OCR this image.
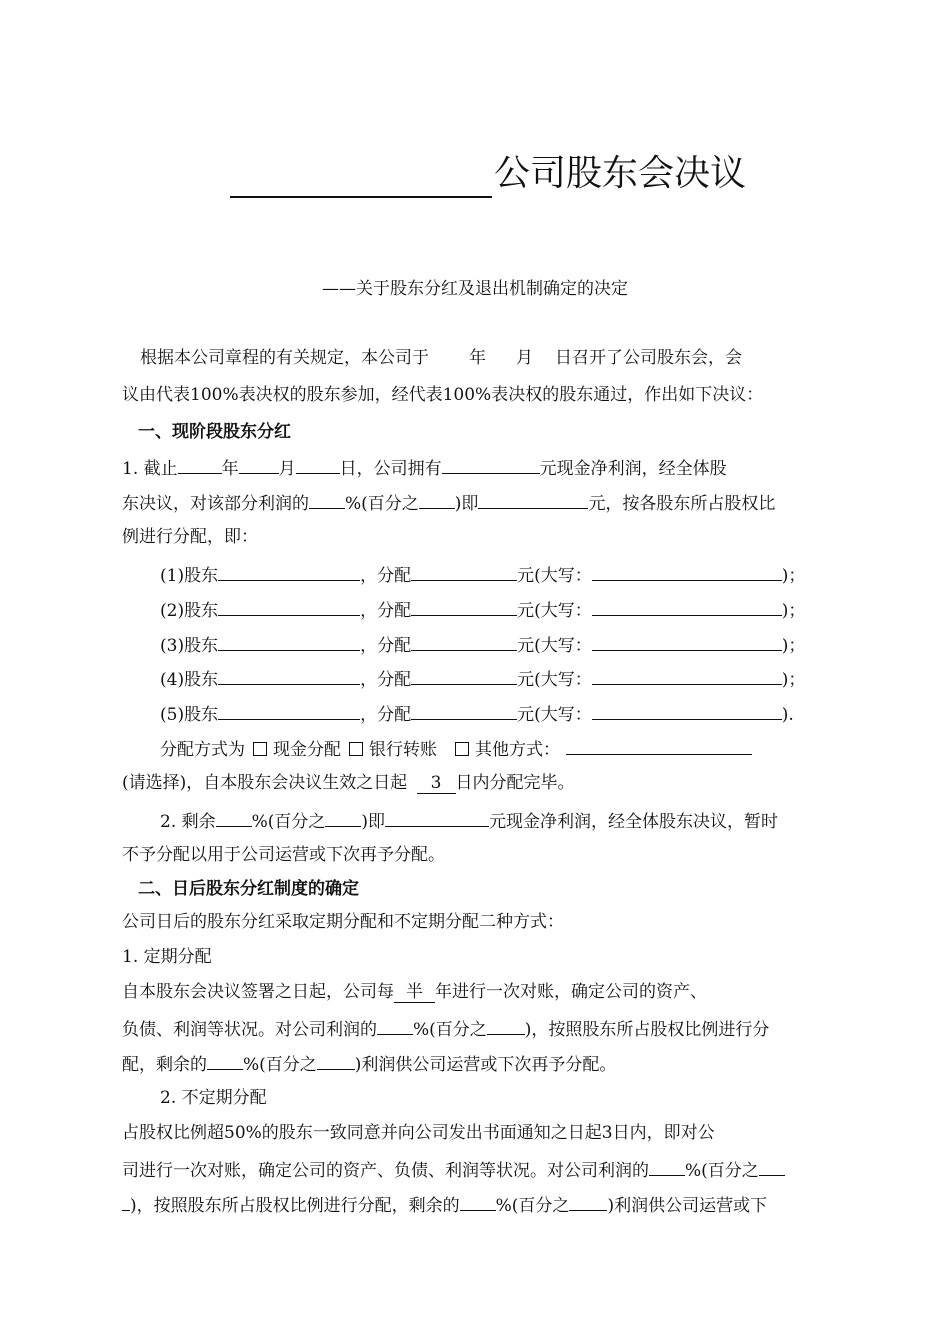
公司股东会决议
——关于股东分红及退出机制确定的决定
根据本公司章程的有关规定，本公司于 年 月 日召开了公司股东会，会
议由代表100%表决权的股东参加，经代表100%表决权的股东通过，作出如下决议：
一、现阶段股东分红
1. 截止	年 月	日，公司拥有	元现金净利润，经全体股
东决议，对该部分利润的 %(百分之 )即	元，按各股东所占股权比
例进行分配，即：
(1)股东	，分配	元(大写：	)；
(2)股东	，分配	元(大写：	)；
(3)股东	，分配	元(大写：	)；
(4)股东	，分配	元(大写：	)；
(5)股东	，分配	元(大写：	).
分配方式为 现金分配 银行转账 其他方式：
(请选择)，自本股东会决议生效之日起 3 日内分配完毕。
2. 剩余 %(百分之 )即	元现金净利润，经全体股东决议，暂时
不予分配以用于公司运营或下次再予分配。
二、日后股东分红制度的确定
公司日后的股东分红采取定期分配和不定期分配二种方式：
1. 定期分配
自本股东会决议签署之日起，公司每 半 年进行一次对账，确定公司的资产、
负债、利润等状况。对公司利润的 %(百分之 )，按照股东所占股权比例进行分
配，剩余的 %(百分之 )利润供公司运营或下次再予分配。
2. 不定期分配
占股权比例超50%的股东一致同意并向公司发出书面通知之日起3日内，即对公
司进行一次对账，确定公司的资产、负债、利润等状况。对公司利润的 %(百分之
)，按照股东所占股权比例进行分配，剩余的 %(百分之 )利润供公司运营或下
